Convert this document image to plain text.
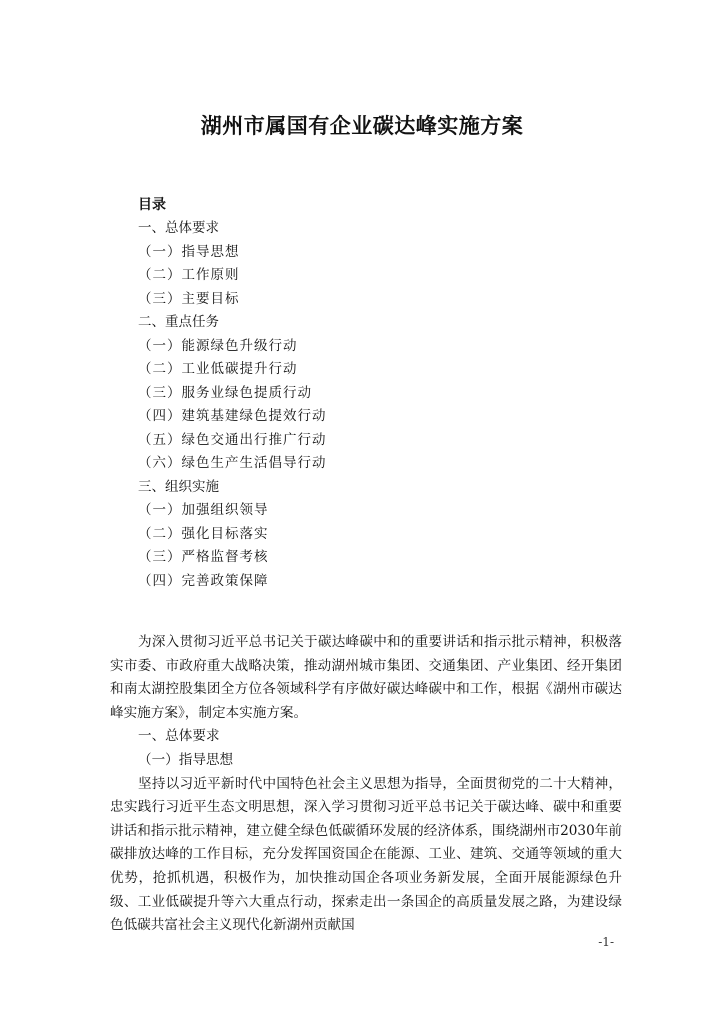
湖州市属国有企业碳达峰实施方案
目录
一、总体要求
（一）指导思想
（二）工作原则
（三）主要目标
二、重点任务
（一）能源绿色升级行动
（二）工业低碳提升行动
（三）服务业绿色提质行动
（四）建筑基建绿色提效行动
（五）绿色交通出行推广行动
（六）绿色生产生活倡导行动
三、组织实施
（一）加强组织领导
（二）强化目标落实
（三）严格监督考核
（四）完善政策保障

为深入贯彻习近平总书记关于碳达峰碳中和的重要讲话和指示批示精神，积极落实市委、市政府重大战略决策，推动湖州城市集团、交通集团、产业集团、经开集团和南太湖控股集团全方位各领域科学有序做好碳达峰碳中和工作，根据《湖州市碳达峰实施方案》，制定本实施方案。

一、总体要求

（一）指导思想

坚持以习近平新时代中国特色社会主义思想为指导，全面贯彻党的二十大精神，忠实践行习近平生态文明思想，深入学习贯彻习近平总书记关于碳达峰、碳中和重要讲话和指示批示精神，建立健全绿色低碳循环发展的经济体系，围绕湖州市2030年前碳排放达峰的工作目标，充分发挥国资国企在能源、工业、建筑、交通等领域的重大优势，抢抓机遇，积极作为，加快推动国企各项业务新发展，全面开展能源绿色升级、工业低碳提升等六大重点行动，探索走出一条国企的高质量发展之路，为建设绿色低碳共富社会主义现代化新湖州贡献国

-1-
